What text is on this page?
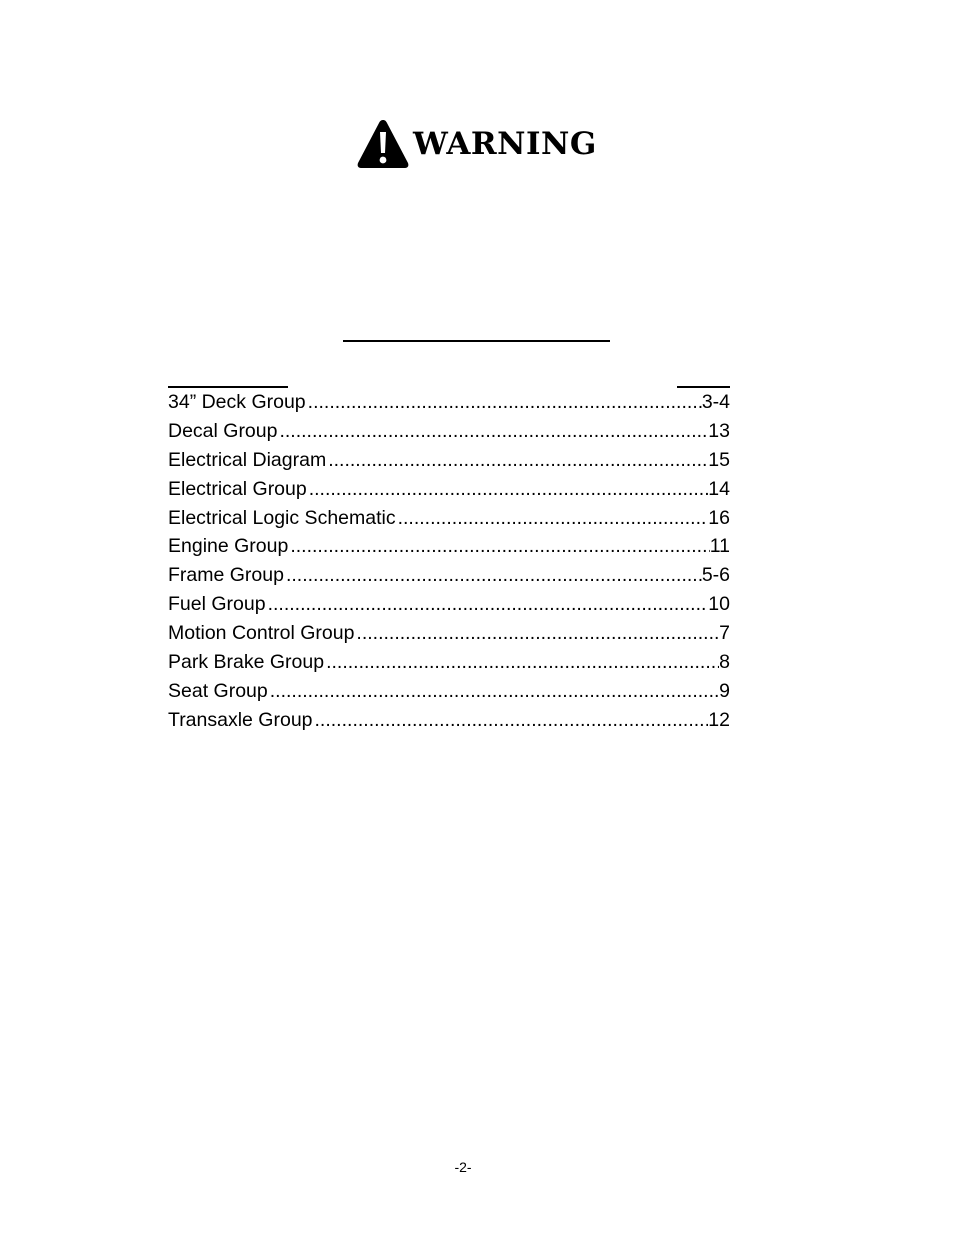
WARNING
34” Deck Group .....	3-4
Decal Group .....	13
Electrical Diagram .....	15
Electrical Group .....	14
Electrical Logic Schematic .....	16
Engine Group .....	11
Frame Group .....	5-6
Fuel Group .....	10
Motion Control Group .....	7
Park Brake Group .....	8
Seat Group .....	9
Transaxle Group .....	12
-2-
